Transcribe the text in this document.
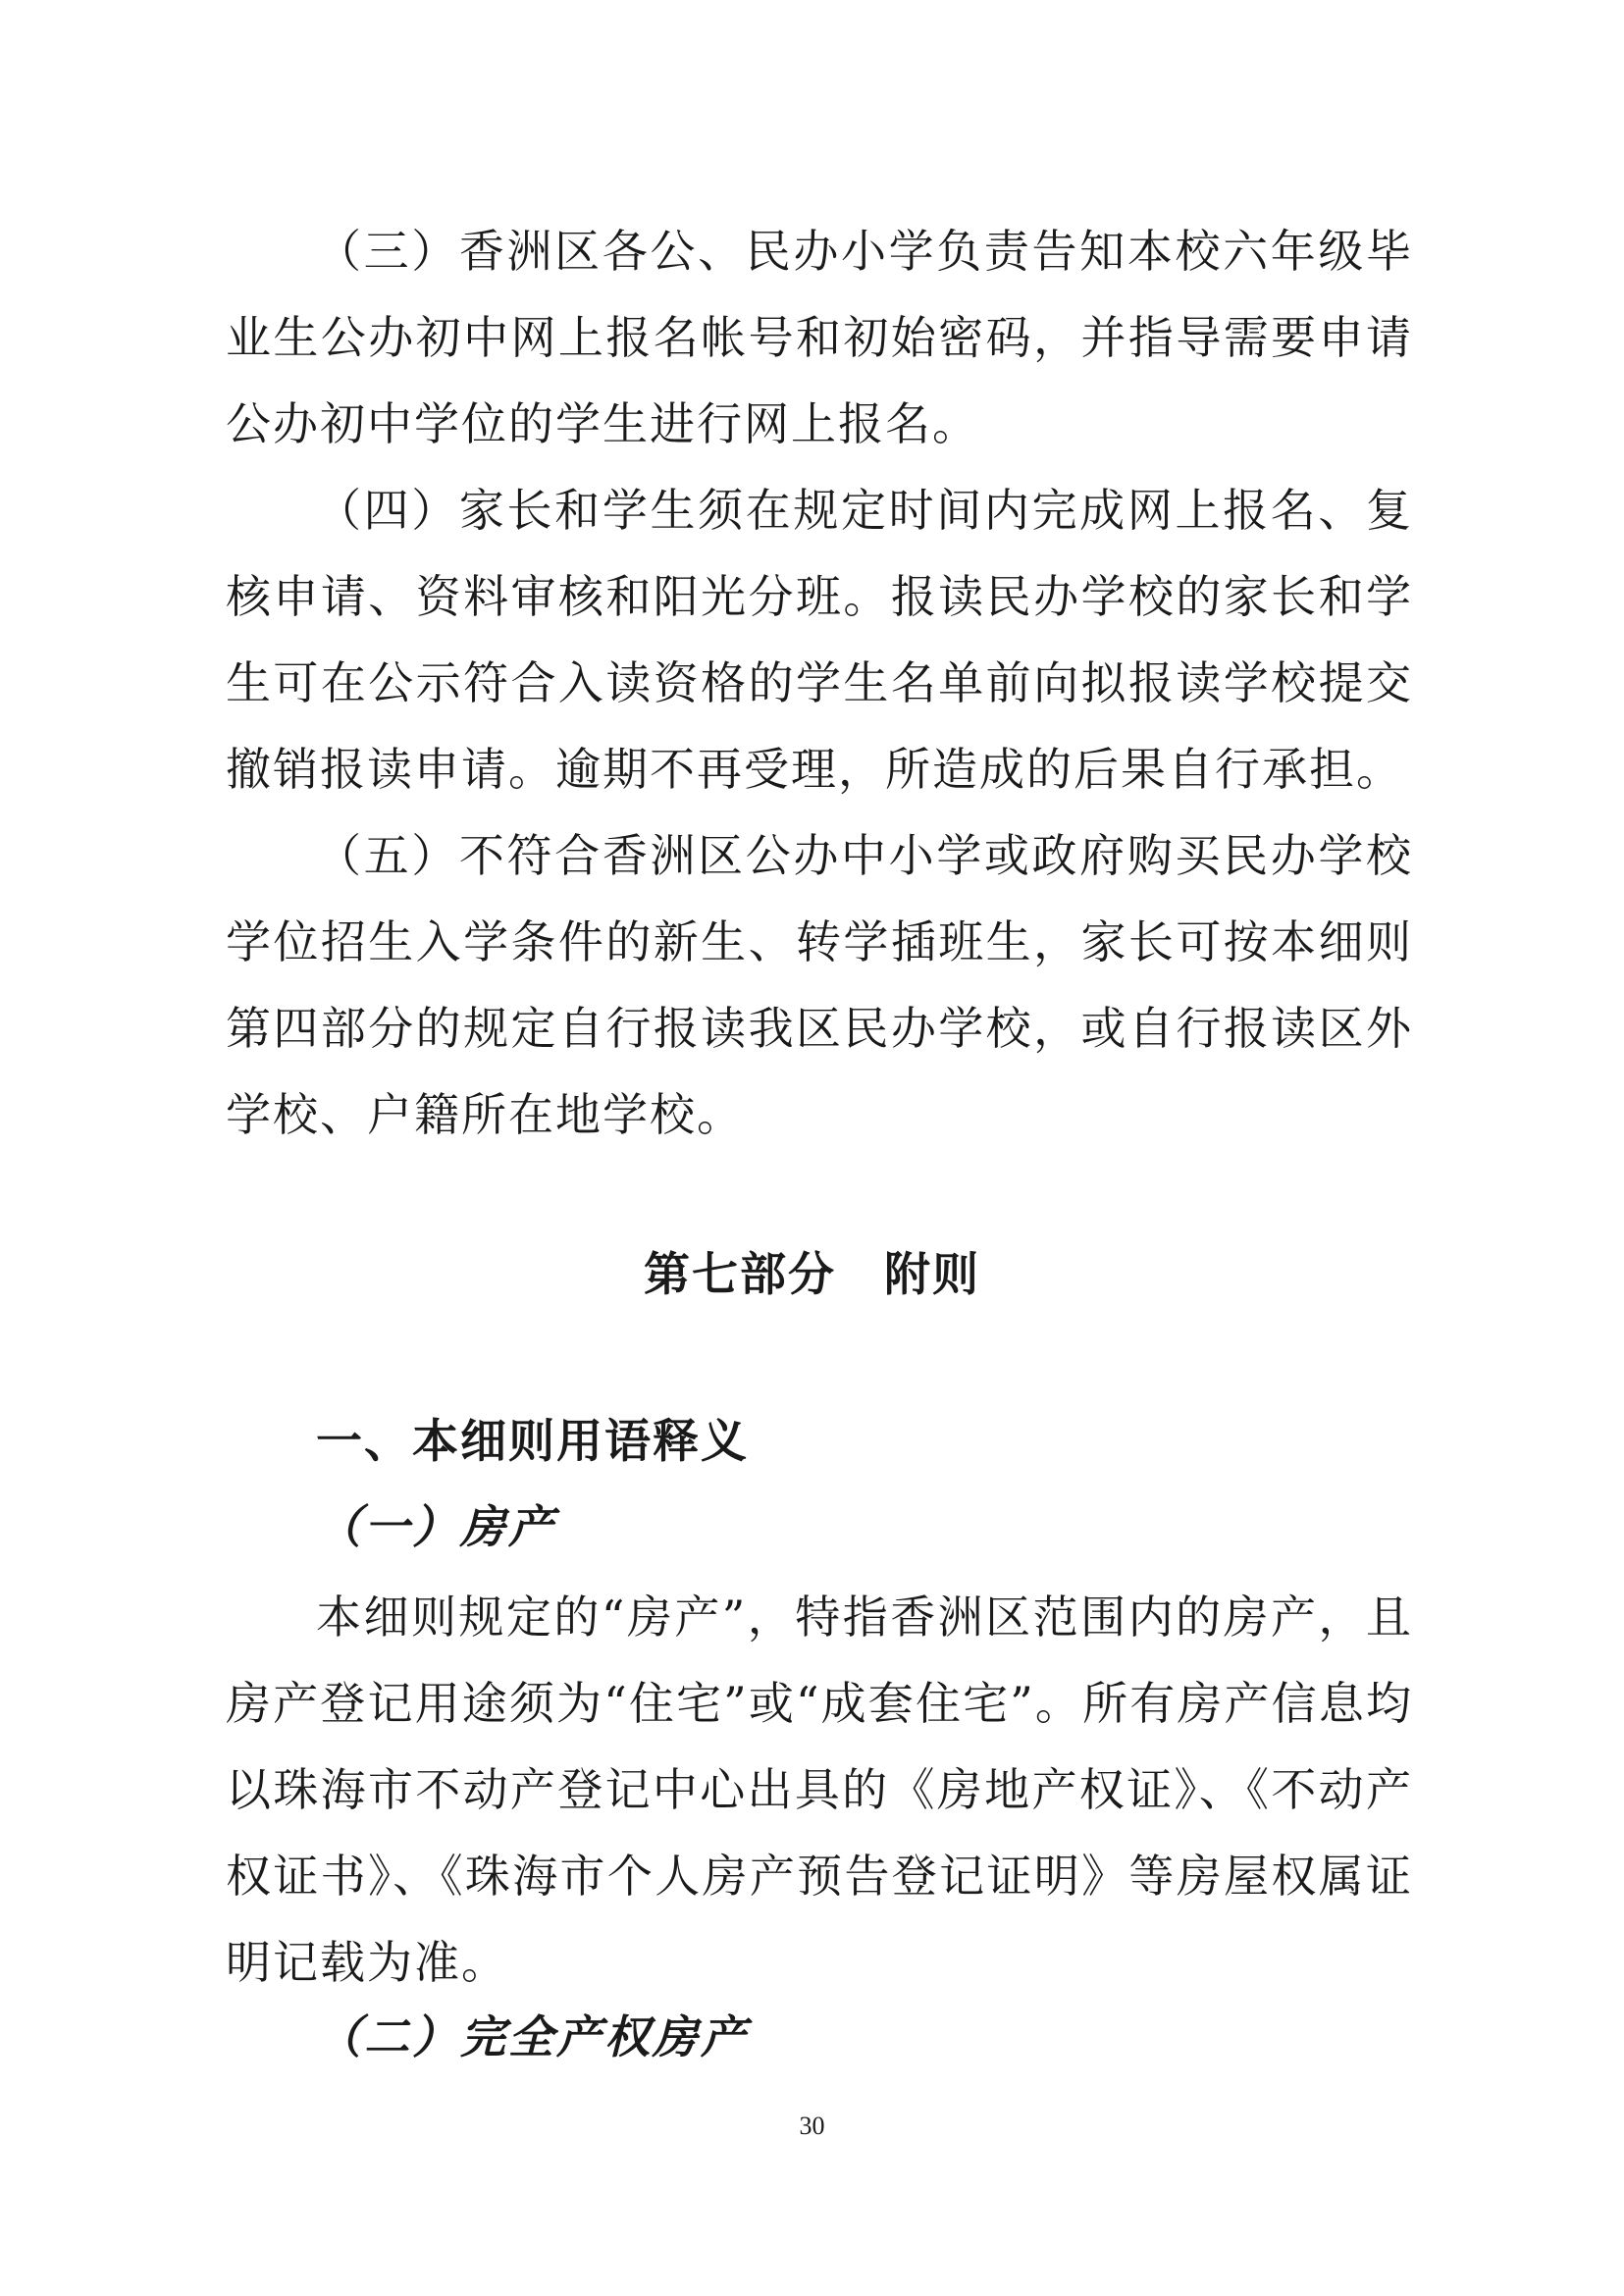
（三）香洲区各公、民办小学负责告知本校六年级毕业生公办初中网上报名帐号和初始密码，并指导需要申请公办初中学位的学生进行网上报名。

（四）家长和学生须在规定时间内完成网上报名、复核申请、资料审核和阳光分班。报读民办学校的家长和学生可在公示符合入读资格的学生名单前向拟报读学校提交撤销报读申请。逾期不再受理，所造成的后果自行承担。

（五）不符合香洲区公办中小学或政府购买民办学校学位招生入学条件的新生、转学插班生，家长可按本细则第四部分的规定自行报读我区民办学校，或自行报读区外学校、户籍所在地学校。

第七部分　附则
一、本细则用语释义
（一）房产

本细则规定的“房产”，特指香洲区范围内的房产，且房产登记用途须为“住宅”或“成套住宅”。所有房产信息均以珠海市不动产登记中心出具的《房地产权证》、《不动产权证书》、《珠海市个人房产预告登记证明》等房屋权属证明记载为准。

（二）完全产权房产

30
